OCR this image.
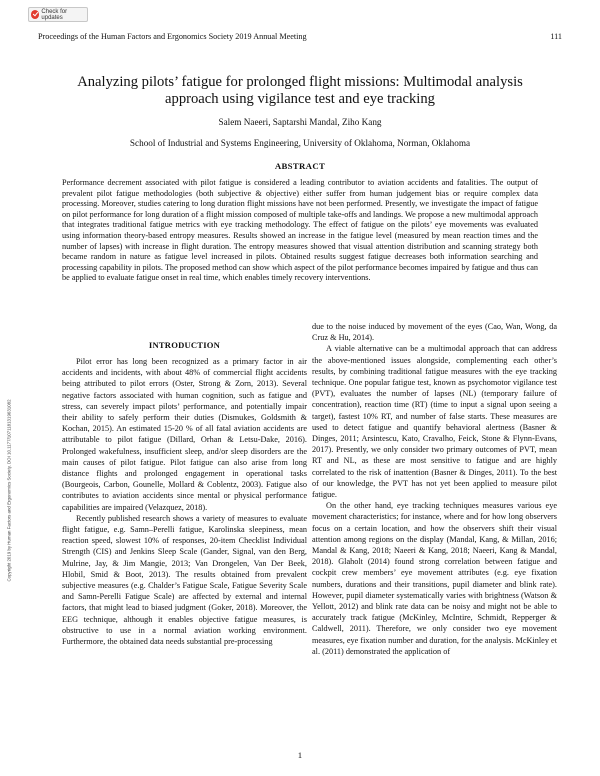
Check for updates
Proceedings of the Human Factors and Ergonomics Society 2019 Annual Meeting	111
Copyright 2019 by Human Factors and Ergonomics Society. DOI 10.1177/1071181319631082
Analyzing pilots’ fatigue for prolonged flight missions: Multimodal analysis
approach using vigilance test and eye tracking
Salem Naeeri, Saptarshi Mandal, Ziho Kang
School of Industrial and Systems Engineering, University of Oklahoma, Norman, Oklahoma
ABSTRACT

Performance decrement associated with pilot fatigue is considered a leading contributor to aviation accidents and fatalities. The output of prevalent pilot fatigue methodologies (both subjective & objective) either suffer from human judgement bias or require complex data processing. Moreover, studies catering to long duration flight missions have not been performed. Presently, we investigate the impact of fatigue on pilot performance for long duration of a flight mission composed of multiple take-offs and landings. We propose a new multimodal approach that integrates traditional fatigue metrics with eye tracking methodology. The effect of fatigue on the pilots’ eye movements was evaluated using information theory-based entropy measures. Results showed an increase in the fatigue level (measured by mean reaction times and the number of lapses) with increase in flight duration. The entropy measures showed that visual attention distribution and scanning strategy both became random in nature as fatigue level increased in pilots. Obtained results suggest fatigue decreases both information searching and processing capability in pilots. The proposed method can show which aspect of the pilot performance becomes impaired by fatigue and thus can be applied to evaluate fatigue onset in real time, which enables timely recovery interventions.

INTRODUCTION

Pilot error has long been recognized as a primary factor in air accidents and incidents, with about 48% of commercial flight accidents being attributed to pilot errors (Oster, Strong & Zorn, 2013). Several negative factors associated with human cognition, such as fatigue and stress, can severely impact pilots’ performance, and potentially impair their ability to safely perform their duties (Dismukes, Goldsmith & Kochan, 2015). An estimated 15-20 % of all fatal aviation accidents are attributable to pilot fatigue (Dillard, Orhan & Letsu-Dake, 2016). Prolonged wakefulness, insufficient sleep, and/or sleep disorders are the main causes of pilot fatigue. Pilot fatigue can also arise from long distance flights and prolonged engagement in operational tasks (Bourgeois, Carbon, Gounelle, Mollard & Coblentz, 2003). Fatigue also contributes to aviation accidents since mental or physical performance capabilities are impaired (Velazquez, 2018).

Recently published research shows a variety of measures to evaluate flight fatigue, e.g. Samn–Perelli fatigue, Karolinska sleepiness, mean reaction speed, slowest 10% of responses, 20-item Checklist Individual Strength (CIS) and Jenkins Sleep Scale (Gander, Signal, van den Berg, Mulrine, Jay, & Jim Mangie, 2013; Van Drongelen, Van Der Beek, Hlobil, Smid & Boot, 2013). The results obtained from prevalent subjective measures (e.g. Chalder’s Fatigue Scale, Fatigue Severity Scale and Samn-Perelli Fatigue Scale) are affected by external and internal factors, that might lead to biased judgment (Goker, 2018). Moreover, the EEG technique, although it enables objective fatigue measures, is obstructive to use in a normal aviation working environment. Furthermore, the obtained data needs substantial pre-processing

due to the noise induced by movement of the eyes (Cao, Wan, Wong, da Cruz & Hu, 2014).

A viable alternative can be a multimodal approach that can address the above-mentioned issues alongside, complementing each other’s results, by combining traditional fatigue measures with the eye tracking technique. One popular fatigue test, known as psychomotor vigilance test (PVT), evaluates the number of lapses (NL) (temporary failure of concentration), reaction time (RT) (time to input a signal upon seeing a target), fastest 10% RT, and number of false starts. These measures are used to detect fatigue and quantify behavioral alertness (Basner & Dinges, 2011; Arsintescu, Kato, Cravalho, Feick, Stone & Flynn-Evans, 2017). Presently, we only consider two primary outcomes of PVT, mean RT and NL, as these are most sensitive to fatigue and are highly correlated to the risk of inattention (Basner & Dinges, 2011). To the best of our knowledge, the PVT has not yet been applied to measure pilot fatigue.

On the other hand, eye tracking techniques measures various eye movement characteristics; for instance, where and for how long observers focus on a certain location, and how the observers shift their visual attention among regions on the display (Mandal, Kang, & Millan, 2016; Mandal & Kang, 2018; Naeeri & Kang, 2018; Naeeri, Kang & Mandal, 2018). Glaholt (2014) found strong correlation between fatigue and cockpit crew members’ eye movement attributes (e.g. eye fixation numbers, durations and their transitions, pupil diameter and blink rate). However, pupil diameter systematically varies with brightness (Watson & Yellott, 2012) and blink rate data can be noisy and might not be able to accurately track fatigue (McKinley, McIntire, Schmidt, Repperger & Caldwell, 2011). Therefore, we only consider two eye movement measures, eye fixation number and duration, for the analysis. McKinley et al. (2011) demonstrated the application of

1
